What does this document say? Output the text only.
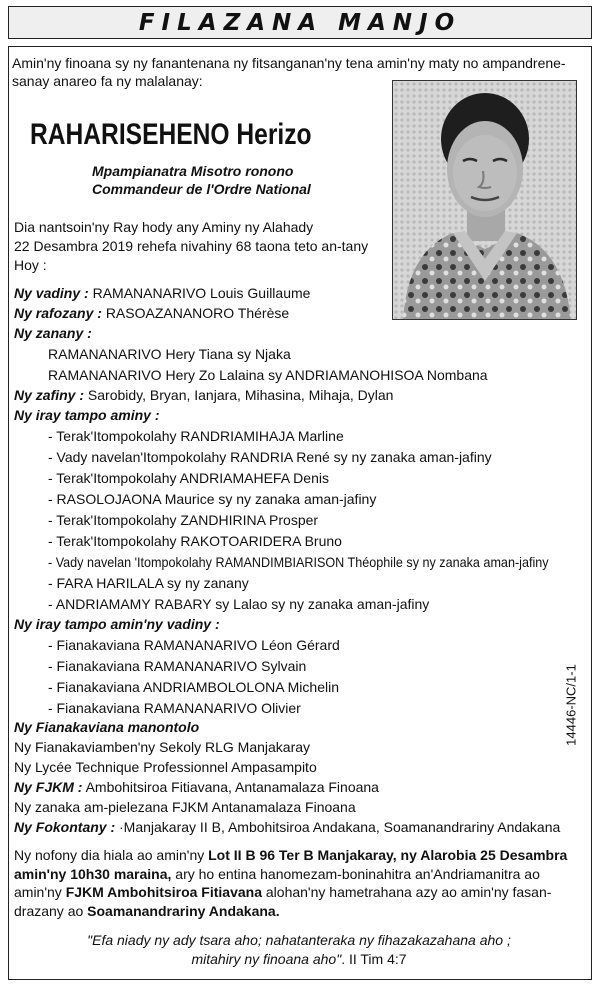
FILAZANA MANJO
Amin'ny finoana sy ny fanantenana ny fitsanganan'ny tena amin'ny maty no ampandrene-sanay anareo fa ny malalanay:
RAHARISEHENO Herizo
Mpampianatra Misotro ronono
Commandeur de l'Ordre National
Dia nantsoin'ny Ray hody any Aminy ny Alahady
22 Desambra 2019 rehefa nivahiny 68 taona teto an-tany
Hoy :
Ny vadiny : RAMANANARIVO Louis Guillaume
Ny rafozany : RASOAZANANORO Thérèse
Ny zanany :
RAMANANARIVO Hery Tiana sy Njaka
RAMANANARIVO Hery Zo Lalaina sy ANDRIAMANOHISOA Nombana
Ny zafiny : Sarobidy, Bryan, Ianjara, Mihasina, Mihaja, Dylan
Ny iray tampo aminy :
- Terak'Itompokolahy RANDRIAMIHAJA Marline
- Vady navelan'Itompokolahy RANDRIA René sy ny zanaka aman-jafiny
- Terak'Itompokolahy ANDRIAMAHEFA Denis
- RASOLOJAONA Maurice sy ny zanaka aman-jafiny
- Terak'Itompokolahy ZANDHIRINA Prosper
- Terak'Itompokolahy RAKOTOARIDERA Bruno
- Vady navelan 'Itompokolahy RAMANDIMBIARISON Théophile sy ny zanaka aman-jafiny
- FARA HARILALA sy ny zanany
- ANDRIAMAMY RABARY sy Lalao sy ny zanaka aman-jafiny
Ny iray tampo amin'ny vadiny :
- Fianakaviana RAMANANARIVO Léon Gérard
- Fianakaviana RAMANANARIVO Sylvain
- Fianakaviana ANDRIAMBOLOLONA Michelin
- Fianakaviana RAMANANARIVO Olivier
Ny Fianakaviana manontolo
Ny Fianakaviamben'ny Sekoly RLG Manjakaray
Ny Lycée Technique Professionnel Ampasampito
Ny FJKM : Ambohitsiroa Fitiavana, Antanamalaza Finoana
Ny zanaka am-pielezana FJKM Antanamalaza Finoana
Ny Fokontany : ·Manjakaray II B, Ambohitsiroa Andakana, Soamanandrariny Andakana
Ny nofony dia hiala ao amin'ny Lot II B 96 Ter B Manjakaray, ny Alarobia 25 Desambra amin'ny 10h30 maraina, ary ho entina hanomezam-boninahitra an'Andriamanitra ao amin'ny FJKM Ambohitsiroa Fitiavana alohan'ny hametrahana azy ao amin'ny fasan-drazany ao Soamanandrariny Andakana.
"Efa niady ny ady tsara aho; nahatanteraka ny fihazakazahana aho ;
mitahiry ny finoana aho". II Tim 4:7
14446-NC/1-1
